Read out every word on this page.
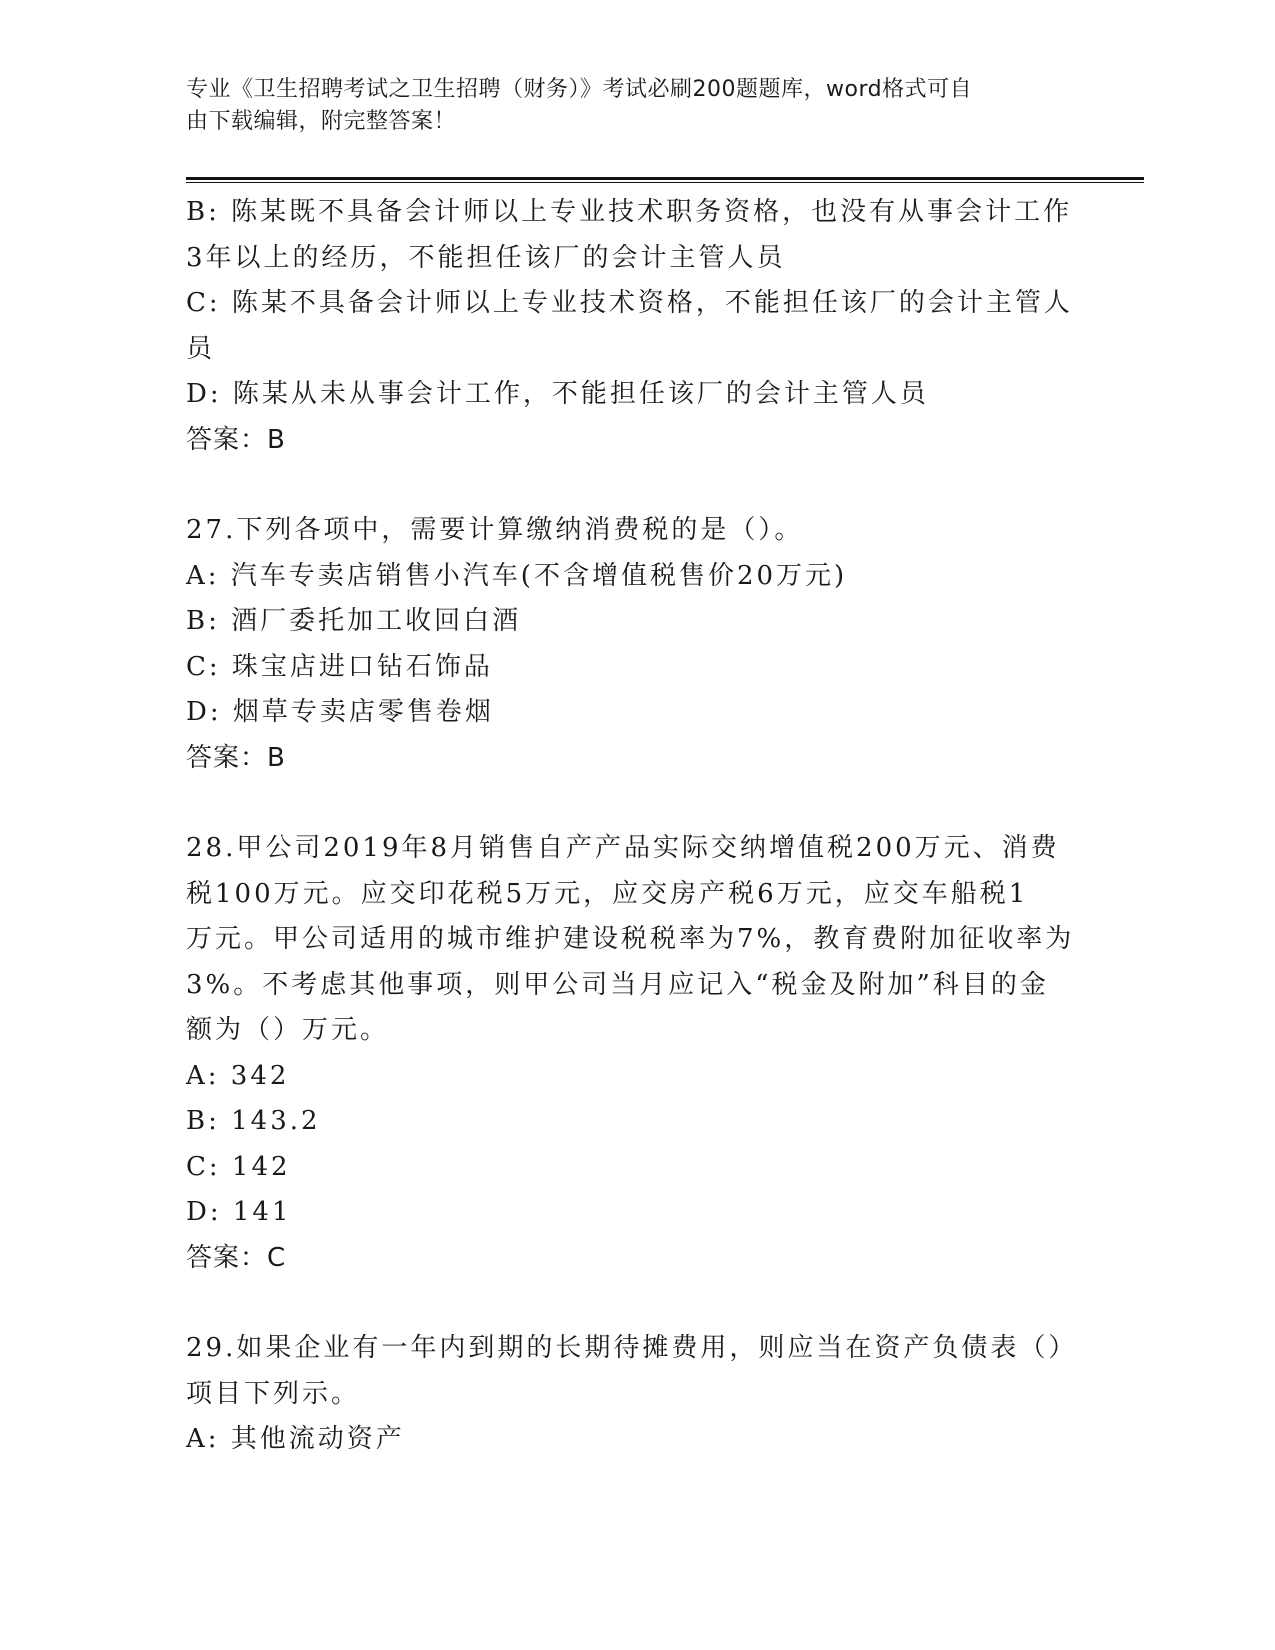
专业《卫生招聘考试之卫生招聘（财务）》考试必刷200题题库，word格式可自
由下载编辑，附完整答案！
B: 陈某既不具备会计师以上专业技术职务资格，也没有从事会计工作
3年以上的经历，不能担任该厂的会计主管人员
C: 陈某不具备会计师以上专业技术资格，不能担任该厂的会计主管人
员
D: 陈某从未从事会计工作，不能担任该厂的会计主管人员
答案：B
27.下列各项中，需要计算缴纳消费税的是（）。
A: 汽车专卖店销售小汽车(不含增值税售价20万元)
B: 酒厂委托加工收回白酒
C: 珠宝店进口钻石饰品
D: 烟草专卖店零售卷烟
答案：B
28.甲公司2019年8月销售自产产品实际交纳增值税200万元、消费
税100万元。应交印花税5万元，应交房产税6万元，应交车船税1
万元。甲公司适用的城市维护建设税税率为7%，教育费附加征收率为
3%。不考虑其他事项，则甲公司当月应记入“税金及附加”科目的金
额为（）万元。
A: 342
B: 143.2
C: 142
D: 141
答案：C
29.如果企业有一年内到期的长期待摊费用，则应当在资产负债表（）
项目下列示。
A: 其他流动资产
